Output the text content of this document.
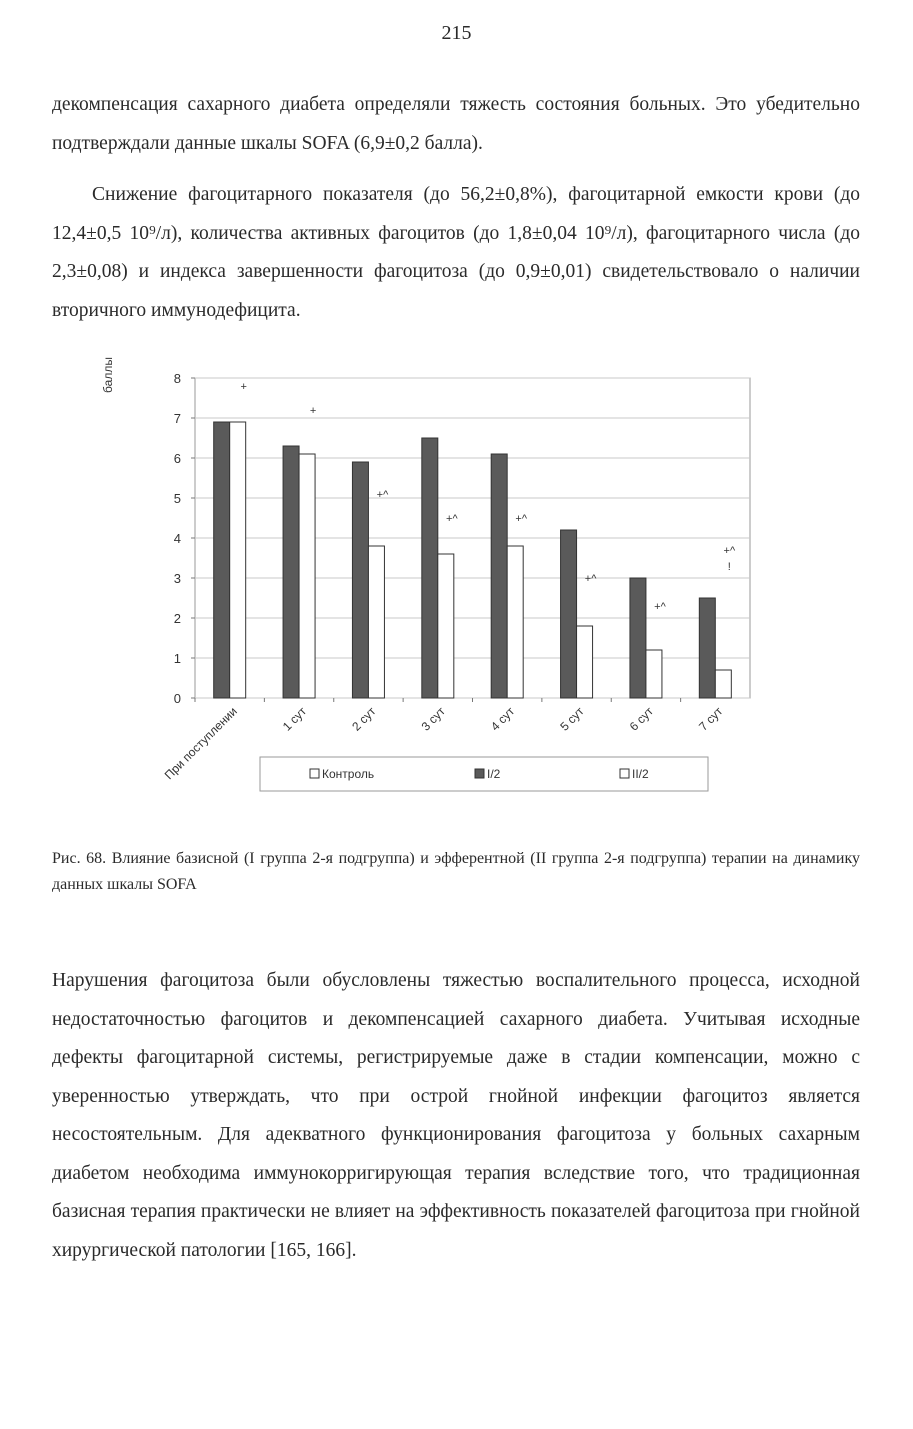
215

декомпенсация сахарного диабета определяли тяжесть состояния больных. Это убедительно подтверждали данные шкалы SOFA (6,9±0,2 балла).

Снижение фагоцитарного показателя (до 56,2±0,8%), фагоцитарной емкости крови (до 12,4±0,5 10⁹/л), количества активных фагоцитов (до 1,8±0,04 10⁹/л), фагоцитарного числа (до 2,3±0,08) и индекса завершенности фагоцитоза (до 0,9±0,01) свидетельствовало о наличии вторичного иммунодефицита.

0
1
2
3
4
5
6
7
8
баллы
При поступлении	1 сут	2 сут	3 сут	4 сут	5 сут	6 сут	7 сут
+
+
+^
+^	+^
+^
+^
+^
!
Контроль	I/2	II/2

Рис. 68. Влияние базисной (I группа 2-я подгруппа) и эфферентной (II группа 2-я подгруппа) терапии на динамику данных шкалы SOFA

Нарушения фагоцитоза были обусловлены тяжестью воспалительного процесса, исходной недостаточностью фагоцитов и декомпенсацией сахарного диабета. Учитывая исходные дефекты фагоцитарной системы, регистрируемые даже в стадии компенсации, можно с уверенностью утверждать, что при острой гнойной инфекции фагоцитоз является несостоятельным. Для адекватного функционирования фагоцитоза у больных сахарным диабетом необходима иммунокорригирующая терапия вследствие того, что традиционная базисная терапия практически не влияет на эффективность показателей фагоцитоза при гнойной хирургической патологии [165, 166].
